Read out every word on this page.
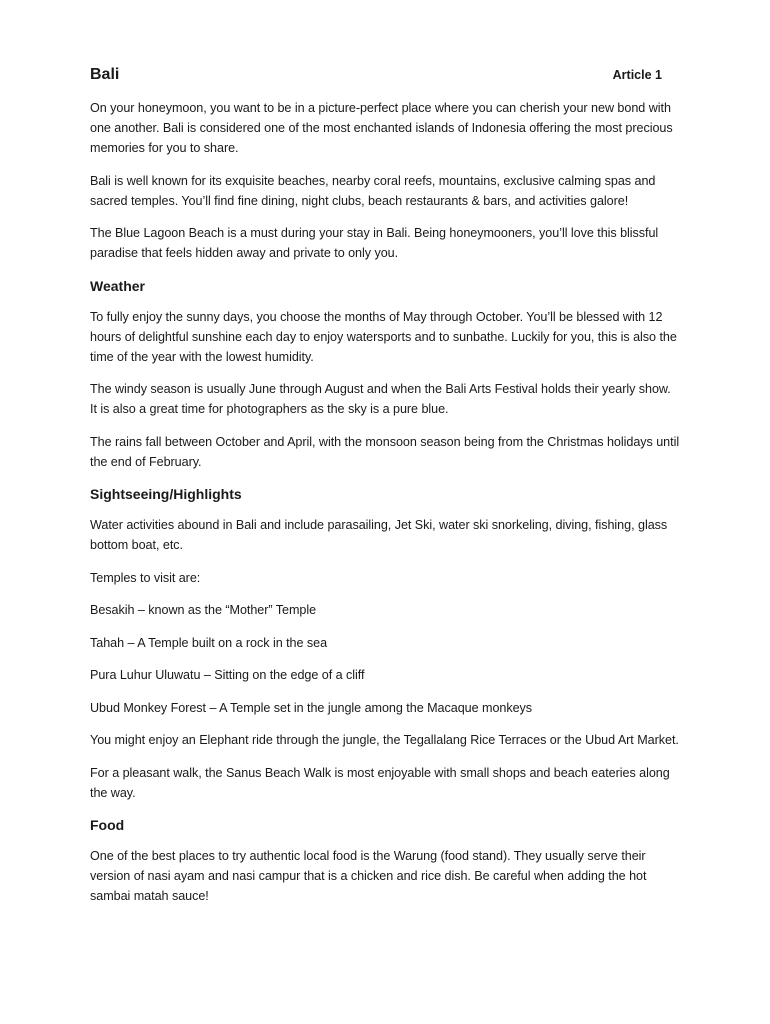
Bali	Article 1

On your honeymoon, you want to be in a picture-perfect place where you can cherish your new bond with one another. Bali is considered one of the most enchanted islands of Indonesia offering the most precious memories for you to share.

Bali is well known for its exquisite beaches, nearby coral reefs, mountains, exclusive calming spas and sacred temples. You’ll find fine dining, night clubs, beach restaurants & bars, and activities galore!

The Blue Lagoon Beach is a must during your stay in Bali. Being honeymooners, you’ll love this blissful paradise that feels hidden away and private to only you.

Weather

To fully enjoy the sunny days, you choose the months of May through October. You’ll be blessed with 12 hours of delightful sunshine each day to enjoy watersports and to sunbathe. Luckily for you, this is also the time of the year with the lowest humidity.

The windy season is usually June through August and when the Bali Arts Festival holds their yearly show. It is also a great time for photographers as the sky is a pure blue.

The rains fall between October and April, with the monsoon season being from the Christmas holidays until the end of February.

Sightseeing/Highlights

Water activities abound in Bali and include parasailing, Jet Ski, water ski snorkeling, diving, fishing, glass bottom boat, etc.

Temples to visit are:

Besakih – known as the “Mother” Temple

Tahah – A Temple built on a rock in the sea

Pura Luhur Uluwatu – Sitting on the edge of a cliff

Ubud Monkey Forest – A Temple set in the jungle among the Macaque monkeys

You might enjoy an Elephant ride through the jungle, the Tegallalang Rice Terraces or the Ubud Art Market.

For a pleasant walk, the Sanus Beach Walk is most enjoyable with small shops and beach eateries along the way.

Food

One of the best places to try authentic local food is the Warung (food stand). They usually serve their version of nasi ayam and nasi campur that is a chicken and rice dish. Be careful when adding the hot sambai matah sauce!
